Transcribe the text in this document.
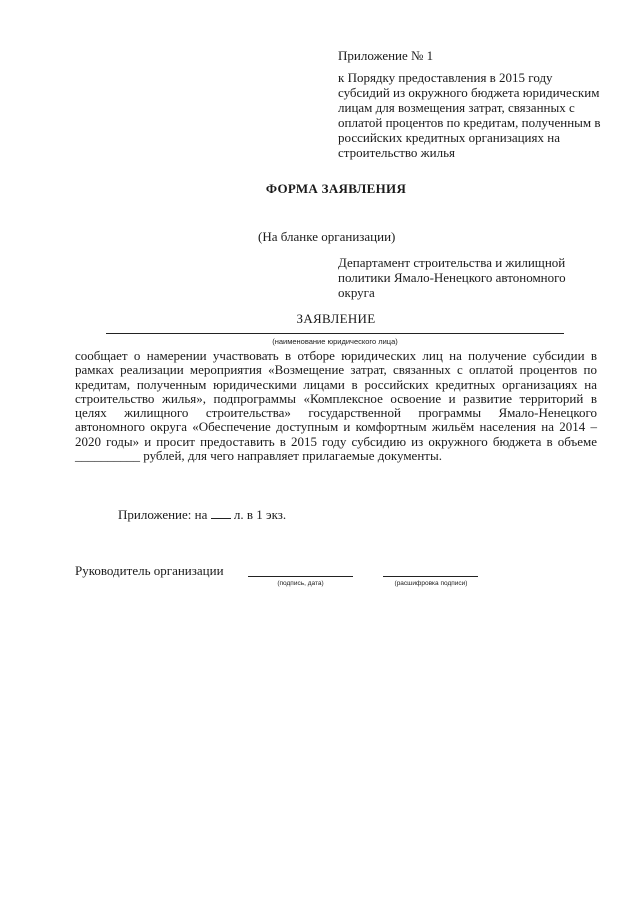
Приложение № 1
к Порядку предоставления в 2015 году субсидий из окружного бюджета юридическим лицам для возмещения затрат, связанных с оплатой процентов по кредитам, полученным в российских кредитных организациях на строительство жилья
ФОРМА ЗАЯВЛЕНИЯ
(На бланке организации)
Департамент строительства и жилищной политики Ямало-Ненецкого автономного округа
ЗАЯВЛЕНИЕ
(наименование юридического лица)
сообщает о намерении участвовать в отборе юридических лиц на получение субсидии в рамках реализации мероприятия «Возмещение затрат, связанных с оплатой процентов по кредитам, полученным юридическими лицами в российских кредитных организациях на строительство жилья», подпрограммы «Комплексное освоение и развитие территорий в целях жилищного строительства» государственной программы Ямало-Ненецкого автономного округа «Обеспечение доступным и комфортным жильём населения на 2014 – 2020 годы» и просит предоставить в 2015 году субсидию из окружного бюджета в объеме __________ рублей, для чего направляет прилагаемые документы.
Приложение: на л. в 1 экз.
Руководитель организации
(подпись, дата)	(расшифровка подписи)
